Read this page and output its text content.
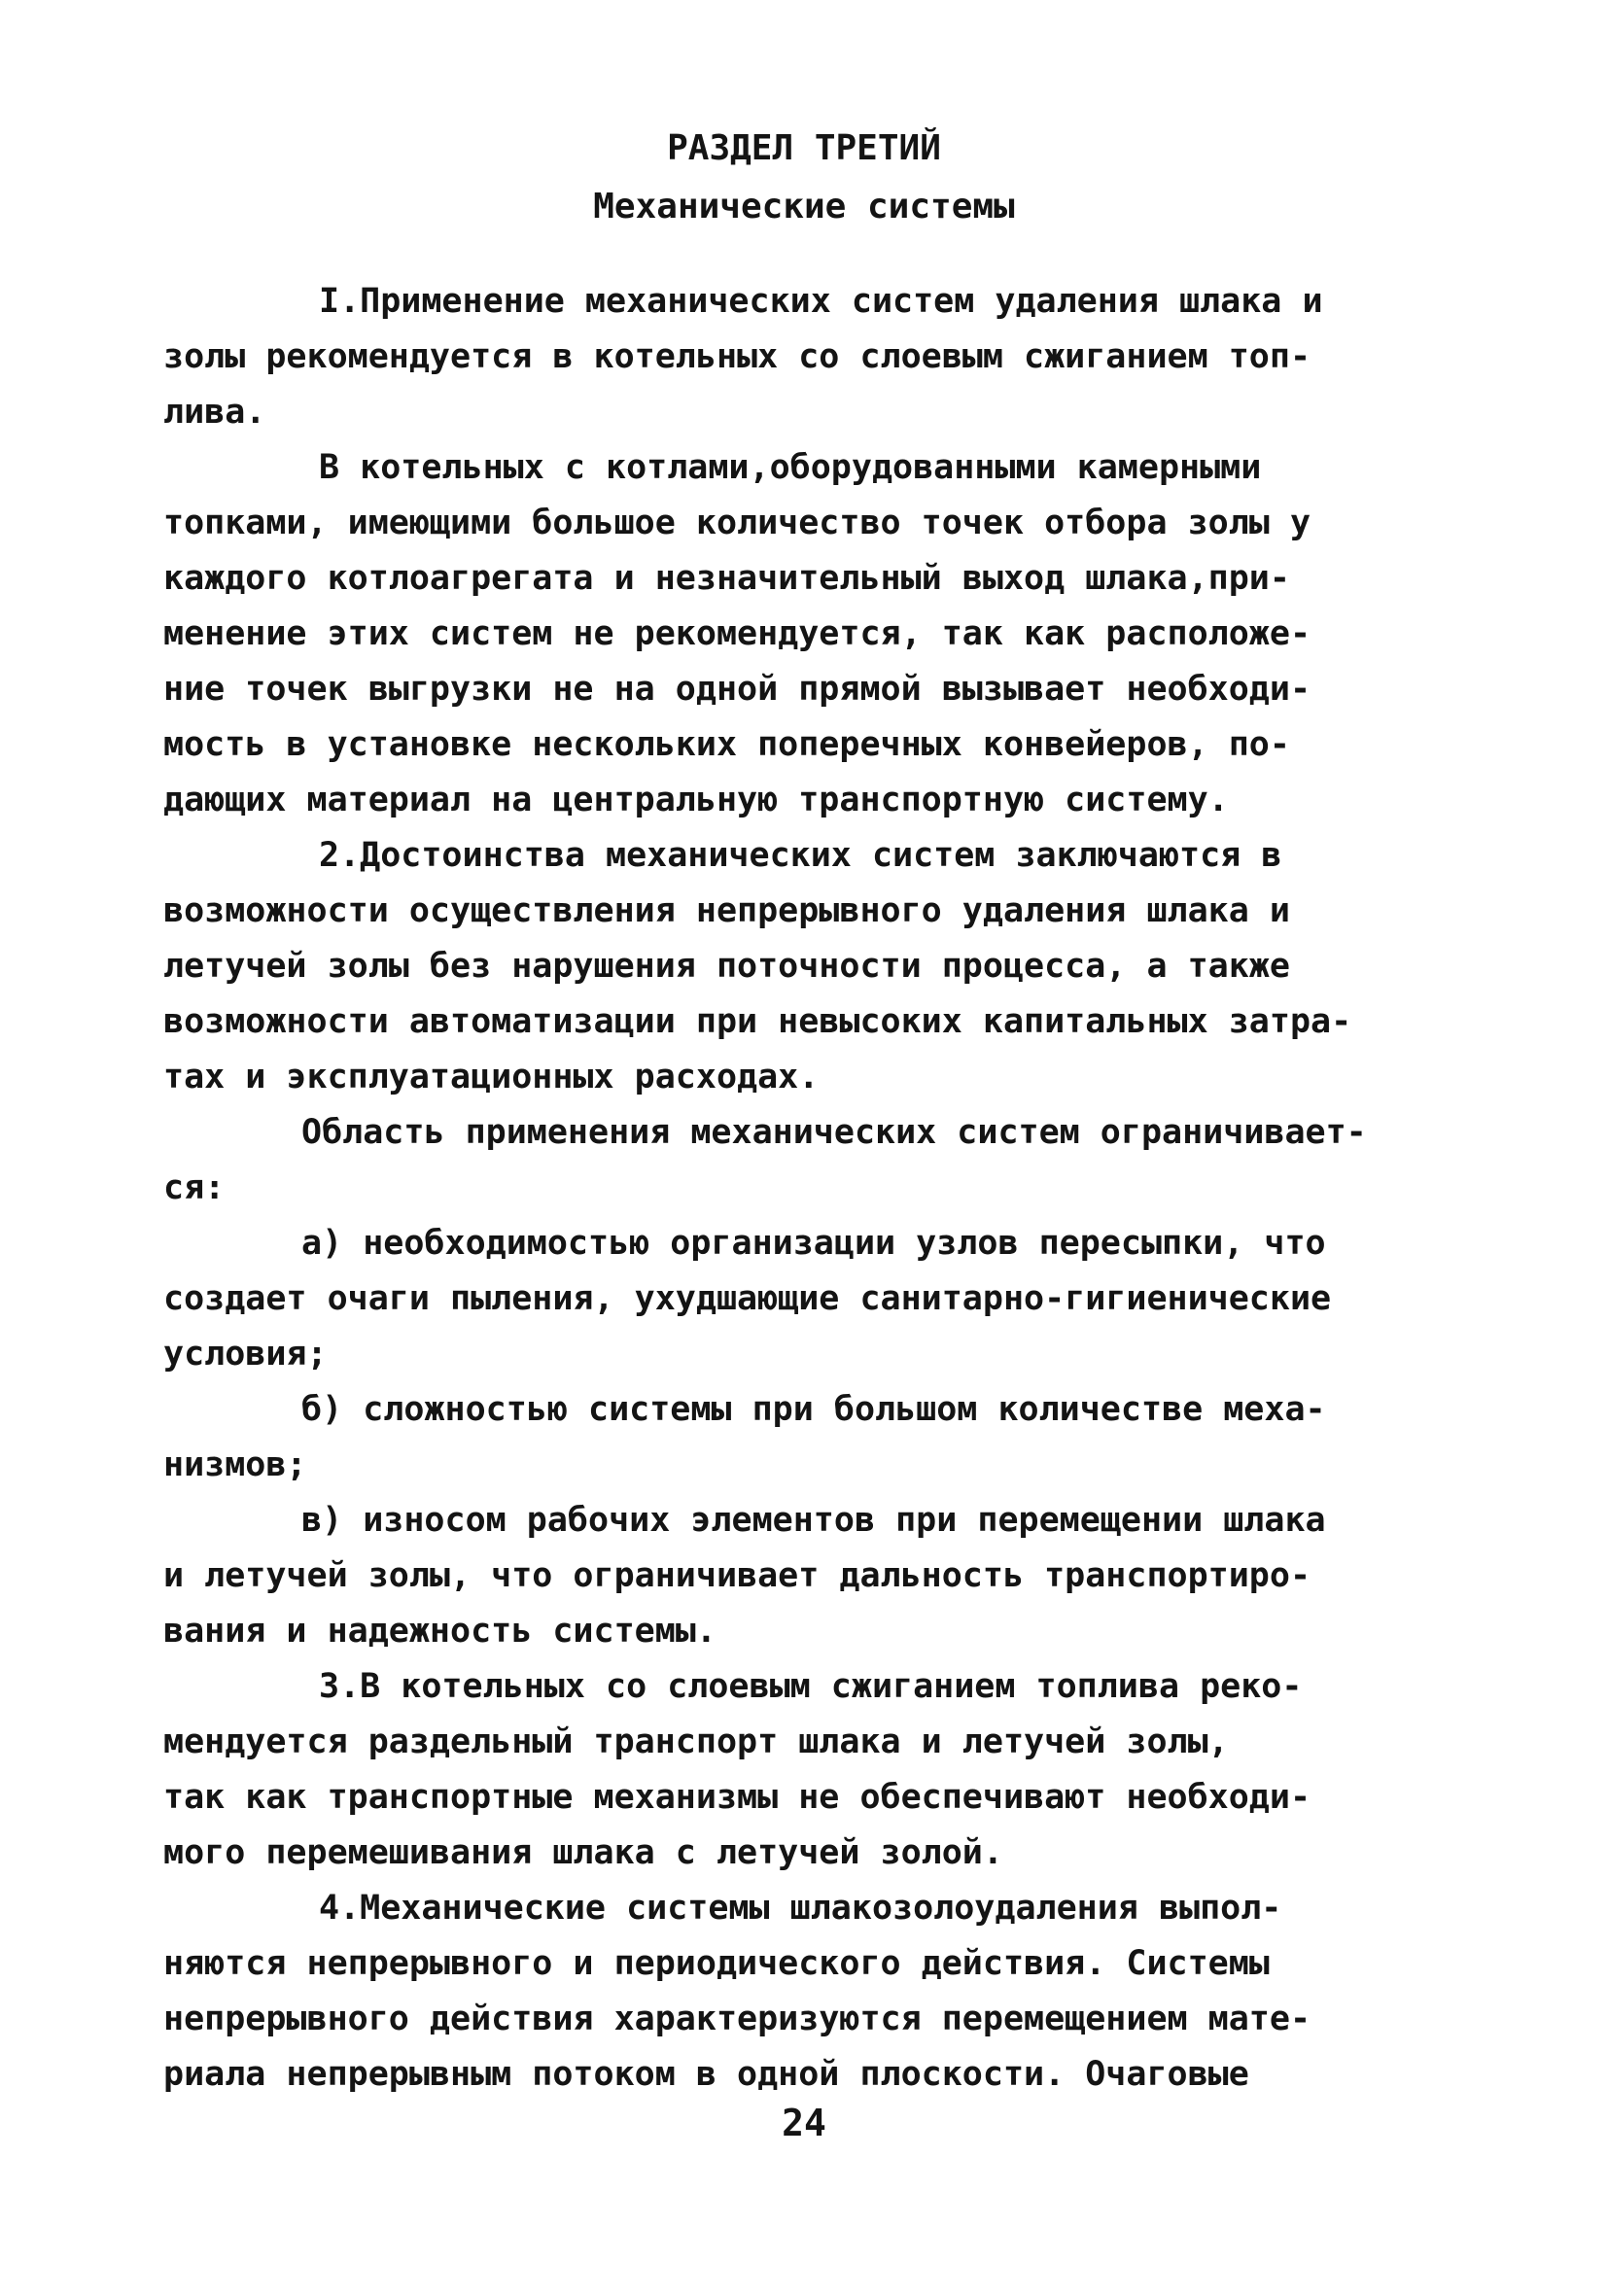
РАЗДЕЛ ТРЕТИЙ
Механические системы
I.Применение механических систем удаления шлака и
золы рекомендуется в котельных со слоевым сжиганием топ-
лива.
В котельных с котлами,оборудованными камерными
топками, имеющими большое количество точек отбора золы у
каждого котлоагрегата и незначительный выход шлака,при-
менение этих систем не рекомендуется, так как расположе-
ние точек выгрузки не на одной прямой вызывает необходи-
мость в установке нескольких поперечных конвейеров, по-
дающих материал на центральную транспортную систему.
2.Достоинства механических систем заключаются в
возможности осуществления непрерывного удаления шлака и
летучей золы без нарушения поточности процесса, а также
возможности автоматизации при невысоких капитальных затра-
тах и эксплуатационных расходах.
Область применения механических систем ограничивает-
ся:
а) необходимостью организации узлов пересыпки, что
создает очаги пыления, ухудшающие санитарно-гигиенические
условия;
б) сложностью системы при большом количестве меха-
низмов;
в) износом рабочих элементов при перемещении шлака
и летучей золы, что ограничивает дальность транспортиро-
вания и надежность системы.
3.В котельных со слоевым сжиганием топлива реко-
мендуется раздельный транспорт шлака и летучей золы,
так как транспортные механизмы не обеспечивают необходи-
мого перемешивания шлака с летучей золой.
4.Механические системы шлакозолоудаления выпол-
няются непрерывного и периодического действия. Системы
непрерывного действия характеризуются перемещением мате-
риала непрерывным потоком в одной плоскости. Очаговые
24
